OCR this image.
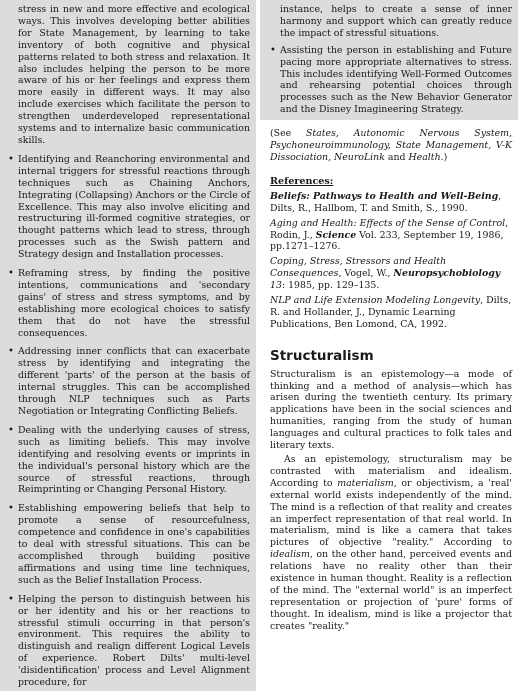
stress in new and more effective and ecological ways. This involves developing better abilities for State Management, by learning to take inventory of both cognitive and physical patterns related to both stress and relaxation. It also includes helping the person to be more aware of his or her feelings and express them more easily in different ways. It may also include exercises which facilitate the person to strengthen underdeveloped representational systems and to internalize basic communication skills.

• Identifying and Reanchoring environmental and internal triggers for stressful reactions through techniques such as Chaining Anchors, Integrating (Collapsing) Anchors or the Circle of Excellence. This may also involve eliciting and restructuring ill-formed cognitive strategies, or thought patterns which lead to stress, through processes such as the Swish pattern and Strategy design and Installation processes.
• Reframing stress, by finding the positive intentions, communications and 'secondary gains' of stress and stress symptoms, and by establishing more ecological choices to satisfy them that do not have the stressful consequences.
• Addressing inner conflicts that can exacerbate stress by identifying and integrating the different 'parts' of the person at the basis of internal struggles. This can be accomplished through NLP techniques such as Parts Negotiation or Integrating Conflicting Beliefs.
• Dealing with the underlying causes of stress, such as limiting beliefs. This may involve identifying and resolving events or imprints in the individual's personal history which are the source of stressful reactions, through Reimprinting or Changing Personal History.
• Establishing empowering beliefs that help to promote a sense of resourcefulness, competence and confidence in one's capabilities to deal with stressful situations. This can be accomplished through building positive affirmations and using time line techniques, such as the Belief Installation Process.
• Helping the person to distinguish between his or her identity and his or her reactions to stressful stimuli occurring in that person's environment. This requires the ability to distinguish and realign different Logical Levels of experience. Robert Dilts' multi-level 'disidentification' process and Level Alignment procedure, for

instance, helps to create a sense of inner harmony and support which can greatly reduce the impact of stressful situations.

• Assisting the person in establishing and Future pacing more appropriate alternatives to stress. This includes identifying Well-Formed Outcomes and rehearsing potential choices through processes such as the New Behavior Generator and the Disney Imagineering Strategy.

(See States, Autonomic Nervous System, Psychoneuroimmunology, State Management, V-K Dissociation, NeuroLink and Health.)

References:

Beliefs: Pathways to Health and Well-Being, Dilts, R., Hallbom, T. and Smith, S., 1990.

Aging and Health: Effects of the Sense of Control, Rodin, J., Science Vol. 233, September 19, 1986, pp.1271–1276.

Coping, Stress, Stressors and Health Consequences, Vogel, W., Neuropsychobiology 13: 1985, pp. 129–135.

NLP and Life Extension Modeling Longevity, Dilts, R. and Hollander, J., Dynamic Learning Publications, Ben Lomond, CA, 1992.

Structuralism

Structuralism is an epistemology—a mode of thinking and a method of analysis—which has arisen during the twentieth century. Its primary applications have been in the social sciences and humanities, ranging from the study of human languages and cultural practices to folk tales and literary texts.

As an epistemology, structuralism may be contrasted with materialism and idealism. According to materialism, or objectivism, a 'real' external world exists independently of the mind. The mind is a reflection of that reality and creates an imperfect representation of that real world. In materialism, mind is like a camera that takes pictures of objective "reality." According to idealism, on the other hand, perceived events and relations have no reality other than their existence in human thought. Reality is a reflection of the mind. The "external world" is an imperfect representation or projection of 'pure' forms of thought. In idealism, mind is like a projector that creates "reality."
